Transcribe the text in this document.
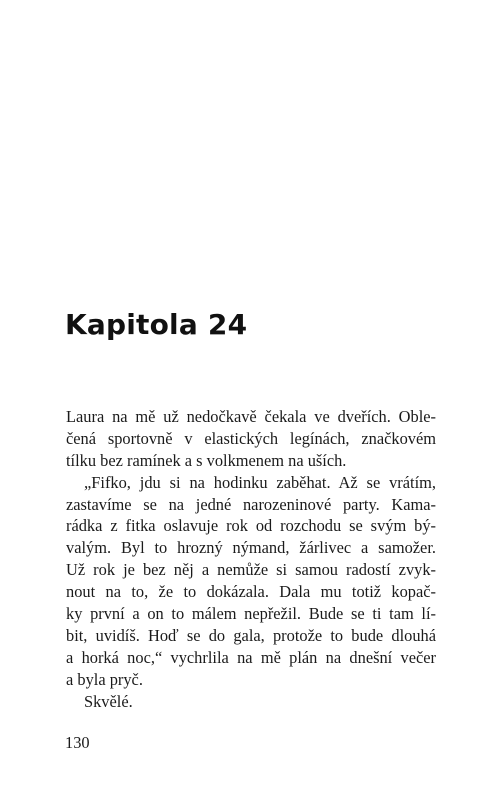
Kapitola 24
Laura na mě už nedočkavě čekala ve dveřích. Oble-
čená sportovně v elastických legínách, značkovém
tílku bez ramínek a s volkmenem na uších.
„Fifko, jdu si na hodinku zaběhat. Až se vrátím,
zastavíme se na jedné narozeninové party. Kama-
rádka z fitka oslavuje rok od rozchodu se svým bý-
valým. Byl to hrozný nýmand, žárlivec a samožer.
Už rok je bez něj a nemůže si samou radostí zvyk-
nout na to, že to dokázala. Dala mu totiž kopač-
ky první a on to málem nepřežil. Bude se ti tam lí-
bit, uvidíš. Hoď se do gala, protože to bude dlouhá
a horká noc,“ vychrlila na mě plán na dnešní večer
a byla pryč.
Skvělé.
130
